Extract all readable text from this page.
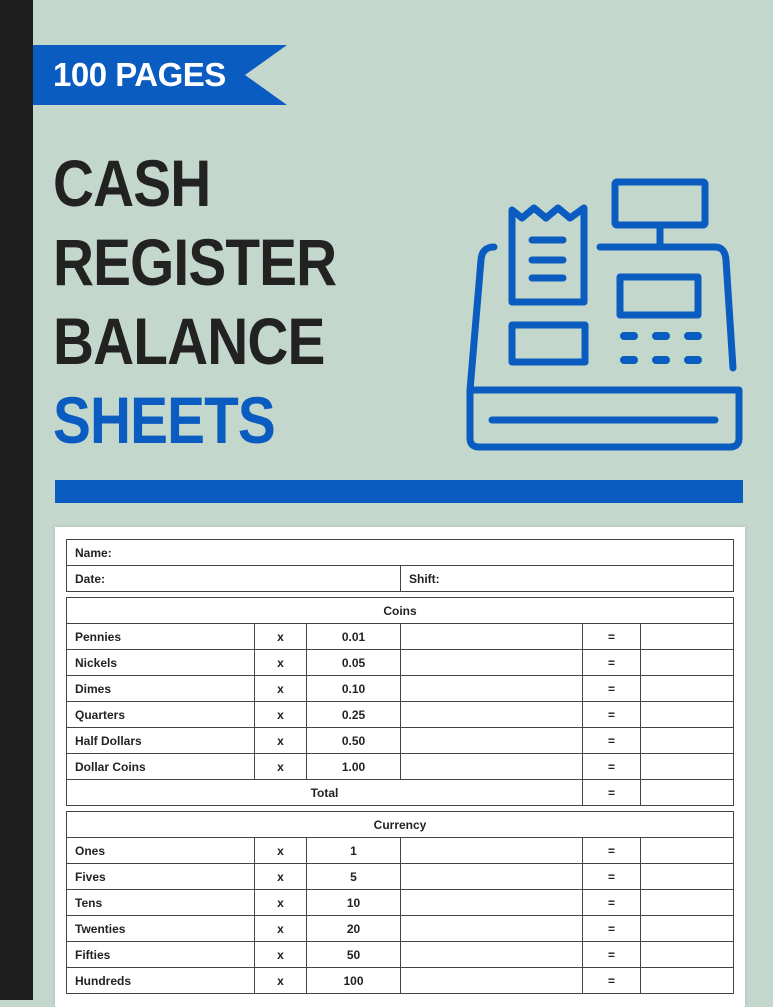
100 PAGES
CASH
REGISTER
BALANCE
SHEETS
Name:
Date:	Shift:
Coins					
Pennies	x	0.01		=	
Nickels	x	0.05		=	
Dimes	x	0.10		=	
Quarters	x	0.25		=	
Half Dollars	x	0.50		=	
Dollar Coins	x	1.00		=	
Total				=	
Currency					
Ones	x	1		=	
Fives	x	5		=	
Tens	x	10		=	
Twenties	x	20		=	
Fifties	x	50		=	
Hundreds	x	100		=	
